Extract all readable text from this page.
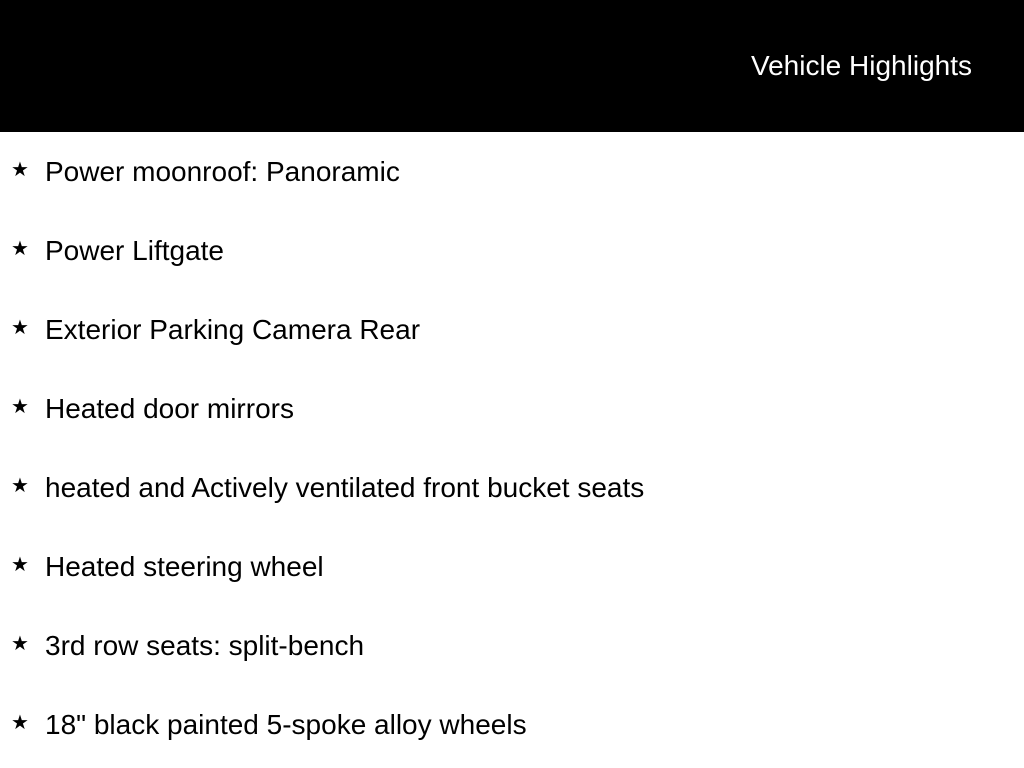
Vehicle Highlights
★ Power moonroof: Panoramic
★ Power Liftgate
★ Exterior Parking Camera Rear
★ Heated door mirrors
★ heated and Actively ventilated front bucket seats
★ Heated steering wheel
★ 3rd row seats: split-bench
★ 18" black painted 5-spoke alloy wheels
